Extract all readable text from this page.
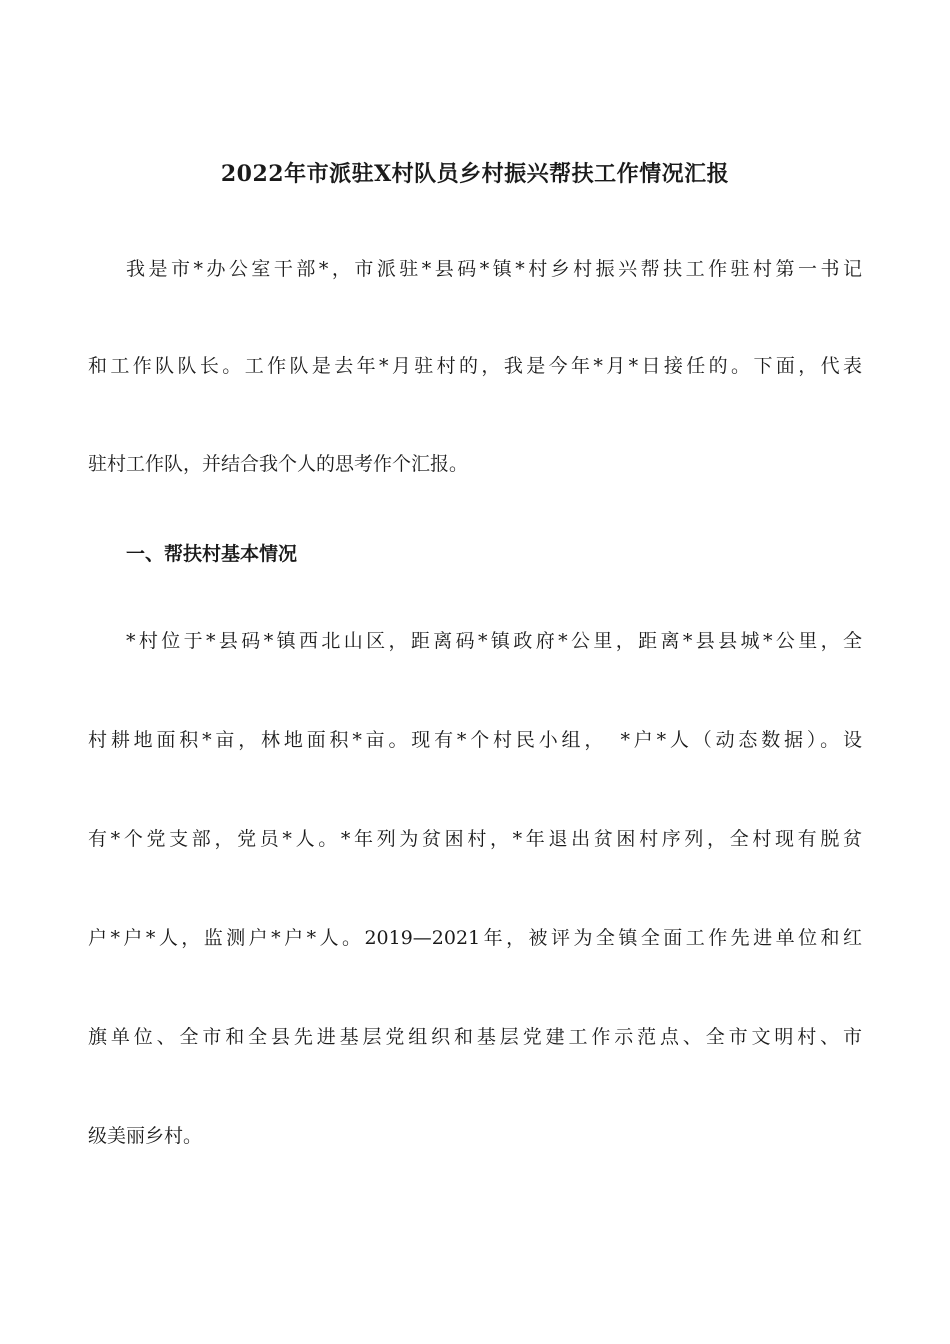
2022年市派驻X村队员乡村振兴帮扶工作情况汇报
我是市*办公室干部*，市派驻*县码*镇*村乡村振兴帮扶工作驻村第一书记
和工作队队长。工作队是去年*月驻村的，我是今年*月*日接任的。下面，代表
驻村工作队，并结合我个人的思考作个汇报。
一、帮扶村基本情况
*村位于*县码*镇西北山区，距离码*镇政府*公里，距离*县县城*公里，全
村耕地面积*亩，林地面积*亩。现有*个村民小组，　*户*人（动态数据）。设
有*个党支部，党员*人。*年列为贫困村，*年退出贫困村序列，全村现有脱贫
户*户*人，监测户*户*人。2019—2021年，被评为全镇全面工作先进单位和红
旗单位、全市和全县先进基层党组织和基层党建工作示范点、全市文明村、市
级美丽乡村。
